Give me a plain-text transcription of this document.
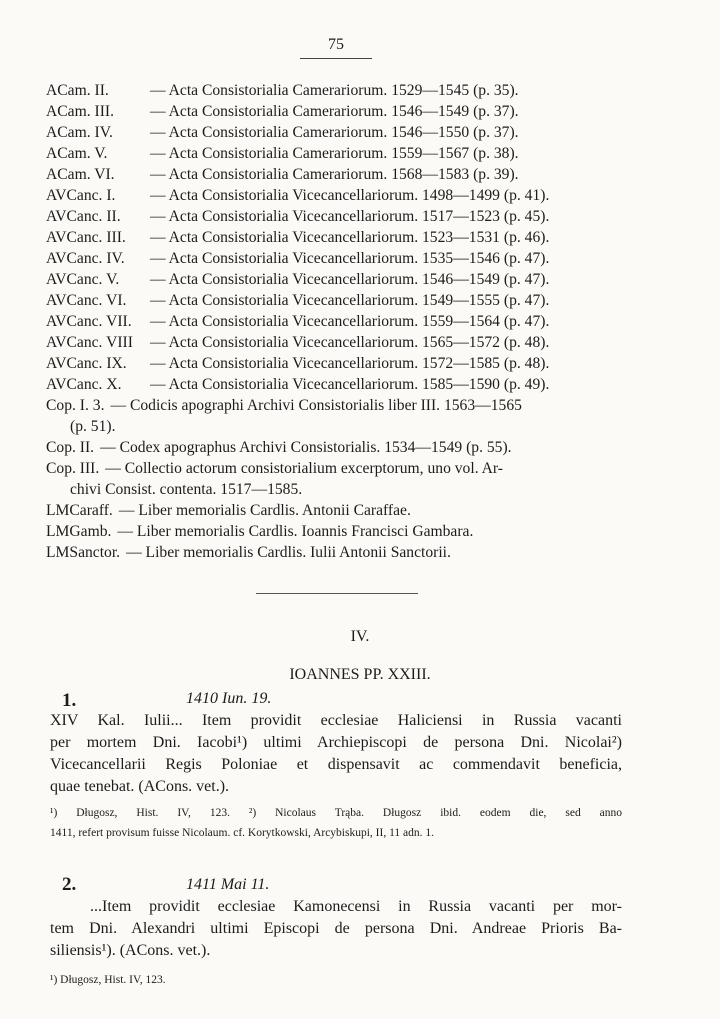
75
ACam. II.	— Acta Consistorialia Camerariorum. 1529—1545 (p. 35).
ACam. III. — Acta Consistorialia Camerariorum. 1546—1549 (p. 37).
ACam. IV. — Acta Consistorialia Camerariorum. 1546—1550 (p. 37).
ACam. V.	— Acta Consistorialia Camerariorum. 1559—1567 (p. 38).
ACam. VI. — Acta Consistorialia Camerariorum. 1568—1583 (p. 39).
AVCanc. I. — Acta Consistorialia Vicecancellariorum. 1498—1499 (p. 41).
AVCanc. II. — Acta Consistorialia Vicecancellariorum. 1517—1523 (p. 45).
AVCanc. III. — Acta Consistorialia Vicecancellariorum. 1523—1531 (p. 46).
AVCanc. IV. — Acta Consistorialia Vicecancellariorum. 1535—1546 (p. 47).
AVCanc. V. — Acta Consistorialia Vicecancellariorum. 1546—1549 (p. 47).
AVCanc. VI. — Acta Consistorialia Vicecancellariorum. 1549—1555 (p. 47).
AVCanc. VII. — Acta Consistorialia Vicecancellariorum. 1559—1564 (p. 47).
AVCanc. VIII — Acta Consistorialia Vicecancellariorum. 1565—1572 (p. 48).
AVCanc. IX. — Acta Consistorialia Vicecancellariorum. 1572—1585 (p. 48).
AVCanc. X. — Acta Consistorialia Vicecancellariorum. 1585—1590 (p. 49).
Cop. I. 3. — Codicis apographi Archivi Consistorialis liber III. 1563—1565
(p. 51).
Cop. II. — Codex apographus Archivi Consistorialis. 1534—1549 (p. 55).
Cop. III. — Collectio actorum consistorialium excerptorum, uno vol. Ar-
chivi Consist. contenta. 1517—1585.
LMCaraff. — Liber memorialis Cardlis. Antonii Caraffae.
LMGamb. — Liber memorialis Cardlis. Ioannis Francisci Gambara.
LMSanctor. — Liber memorialis Cardlis. Iulii Antonii Sanctorii.
IV.
IOANNES PP. XXIII.
1.	1410 Iun. 19.
XIV Kal. Iulii... Item providit ecclesiae Haliciensi in Russia vacanti
per mortem Dni. Iacobi¹) ultimi Archiepiscopi de persona Dni. Nicolai²)
Vicecancellarii Regis Poloniae et dispensavit ac commendavit beneficia,
quae tenebat. (ACons. vet.).
¹) Długosz, Hist. IV, 123. ²) Nicolaus Trąba. Długosz ibid. eodem die, sed anno
1411, refert provisum fuisse Nicolaum. cf. Korytkowski, Arcybiskupi, II, 11 adn. 1.
2.	1411 Mai 11.
...Item providit ecclesiae Kamonecensi in Russia vacanti per mor-
tem Dni. Alexandri ultimi Episcopi de persona Dni. Andreae Prioris Ba-
siliensis¹). (ACons. vet.).
¹) Długosz, Hist. IV, 123.
